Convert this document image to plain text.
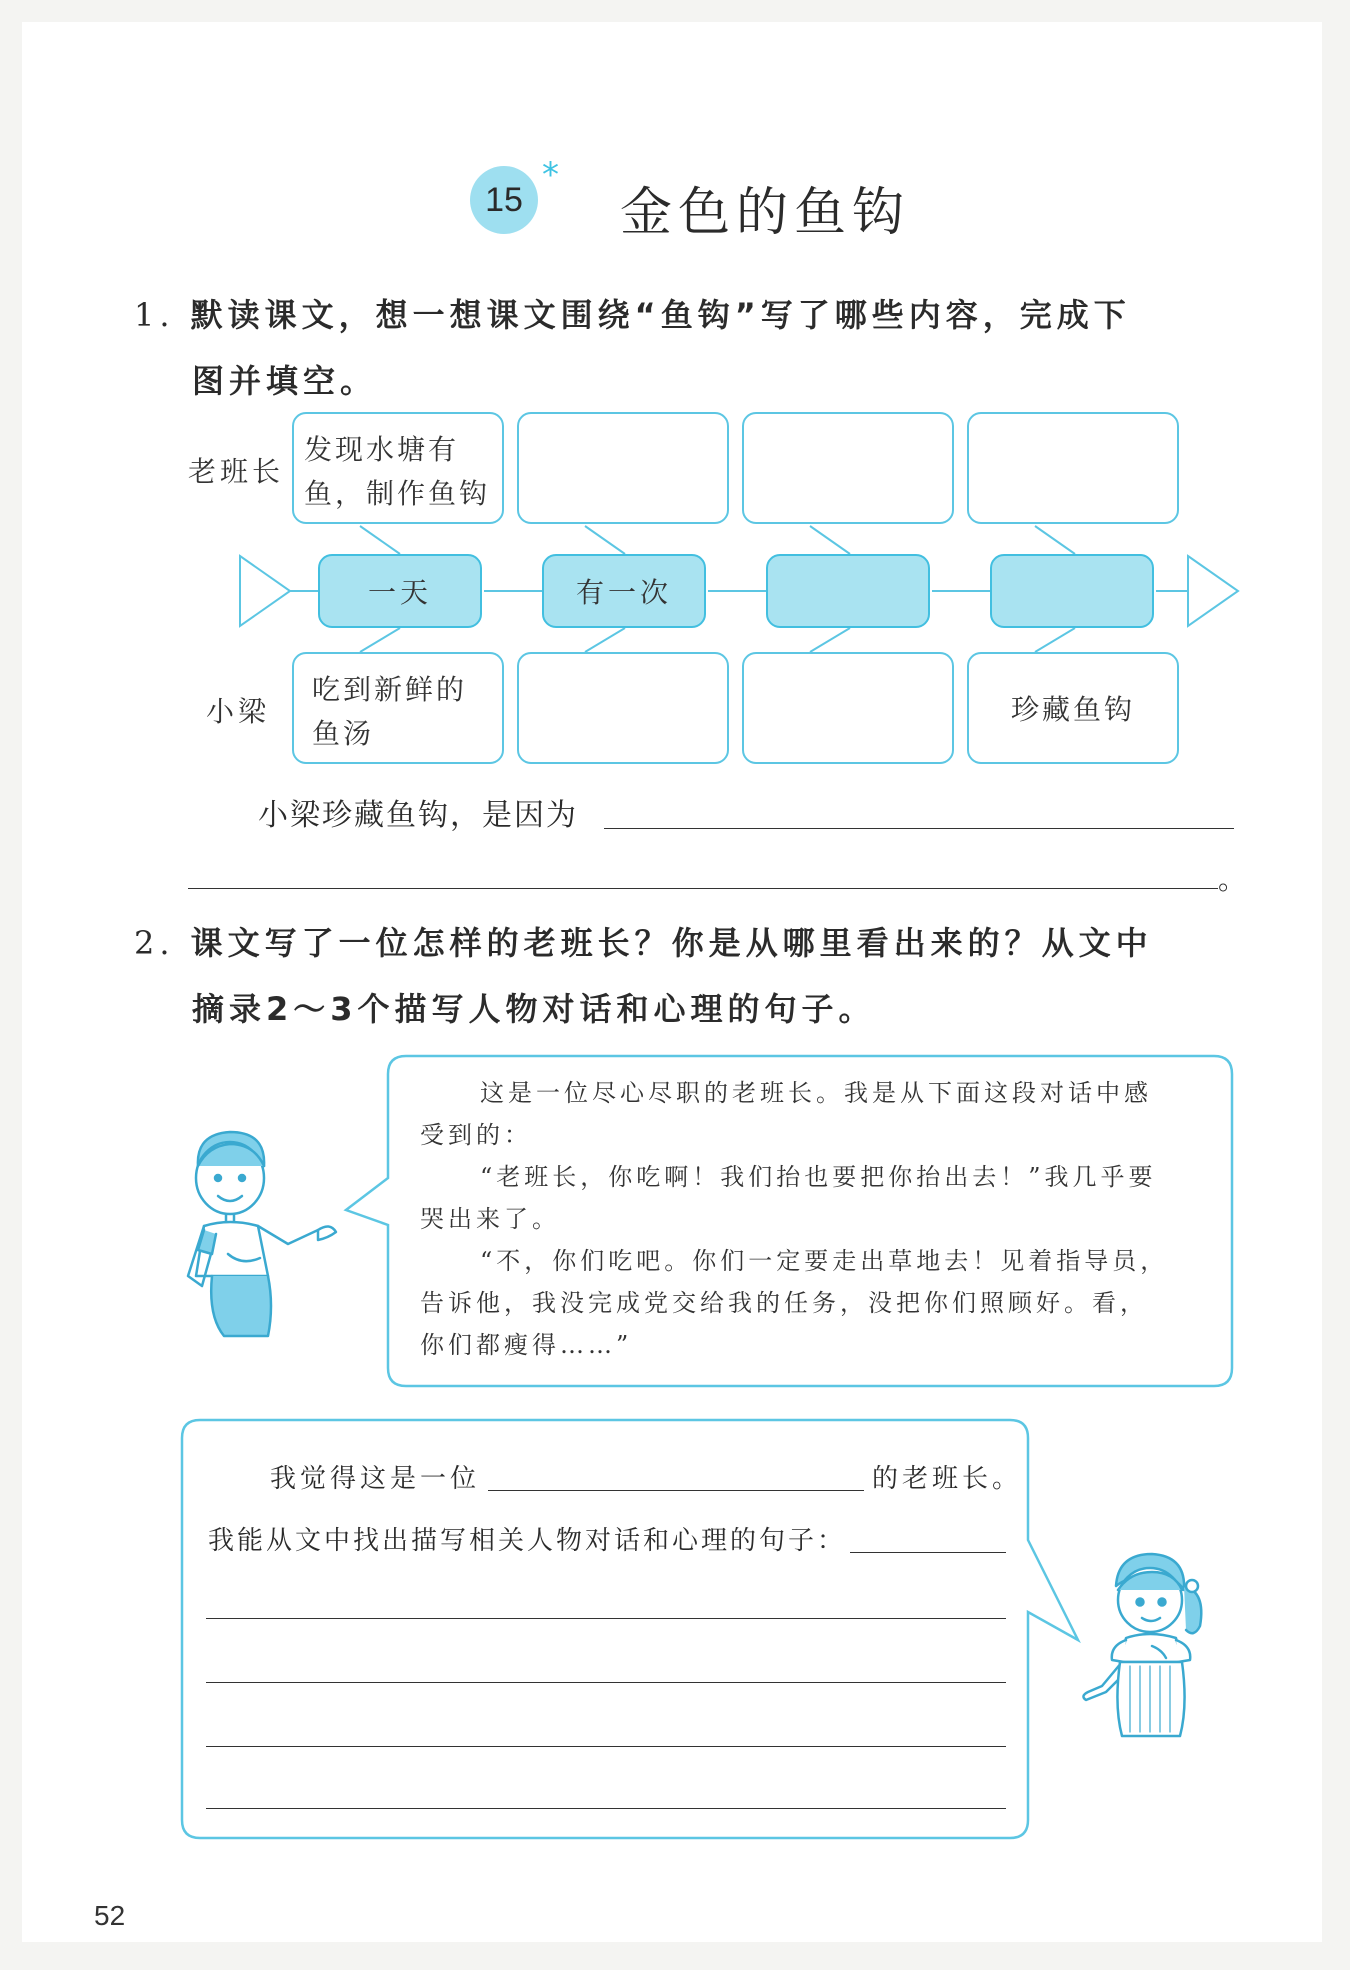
15
*
金色的鱼钩
1. 默读课文，想一想课文围绕“鱼钩”写了哪些内容，完成下
图并填空。
老班长
小梁
发现水塘有
鱼，制作鱼钩
一天	有一次
吃到新鲜的
鱼汤
珍藏鱼钩
小梁珍藏鱼钩，是因为
。
2. 课文写了一位怎样的老班长？你是从哪里看出来的？从文中
摘录2～3个描写人物对话和心理的句子。
这是一位尽心尽职的老班长。我是从下面这段对话中感
受到的：
“老班长，你吃啊！我们抬也要把你抬出去！”我几乎要
哭出来了。
“不，你们吃吧。你们一定要走出草地去！见着指导员，
告诉他，我没完成党交给我的任务，没把你们照顾好。看，
你们都瘦得……”
我觉得这是一位	的老班长。
我能从文中找出描写相关人物对话和心理的句子：
52
